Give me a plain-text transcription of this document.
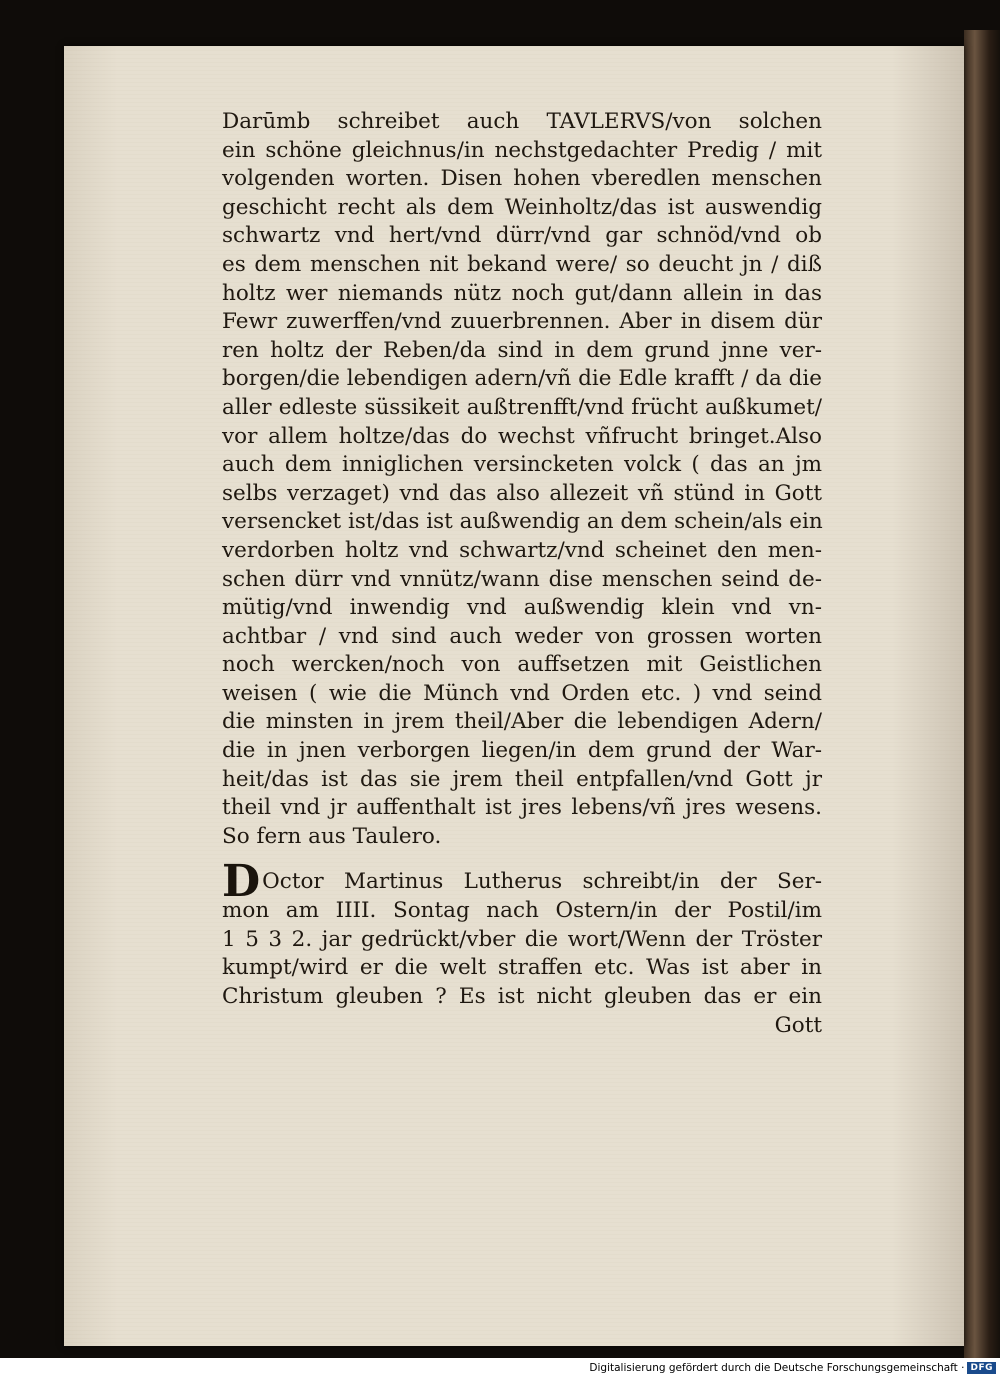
Darūmb schreibet auch TAVLERVS/von solchen
ein schöne gleichnus/in nechstgedachter Predig / mit
volgenden worten. Disen hohen vberedlen menschen
geschicht recht als dem Weinholtz/das ist auswendig
schwartz vnd hert/vnd dürr/vnd gar schnöd/vnd ob
es dem menschen nit bekand were/ so deucht jn / diß
holtz wer niemands nütz noch gut/dann allein in das
Fewr zuwerffen/vnd zuuerbrennen. Aber in disem dür
ren holtz der Reben/da sind in dem grund jnne ver-
borgen/die lebendigen adern/vñ die Edle krafft / da die
aller edleste süssikeit außtrenfft/vnd frücht außkumet/
vor allem holtze/das do wechst vñfrucht bringet.Also
auch dem inniglichen versincketen volck ( das an jm
selbs verzaget) vnd das also allezeit vñ stünd in Gott
versencket ist/das ist außwendig an dem schein/als ein
verdorben holtz vnd schwartz/vnd scheinet den men-
schen dürr vnd vnnütz/wann dise menschen seind de-
mütig/vnd inwendig vnd außwendig klein vnd vn-
achtbar / vnd sind auch weder von grossen worten
noch wercken/noch von auffsetzen mit Geistlichen
weisen ( wie die Münch vnd Orden etc. ) vnd seind
die minsten in jrem theil/Aber die lebendigen Adern/
die in jnen verborgen liegen/in dem grund der War-
heit/das ist das sie jrem theil entpfallen/vnd Gott jr
theil vnd jr auffenthalt ist jres lebens/vñ jres wesens.
So fern aus Taulero.
DOctor Martinus Lutherus schreibt/in der Ser-
mon am IIII. Sontag nach Ostern/in der Postil/im
1 5 3 2. jar gedrückt/vber die wort/Wenn der Tröster
kumpt/wird er die welt straffen etc. Was ist aber in
Christum gleuben ? Es ist nicht gleuben das er ein
Gott
Digitalisierung gefördert durch die Deutsche Forschungsgemeinschaft · DFG
